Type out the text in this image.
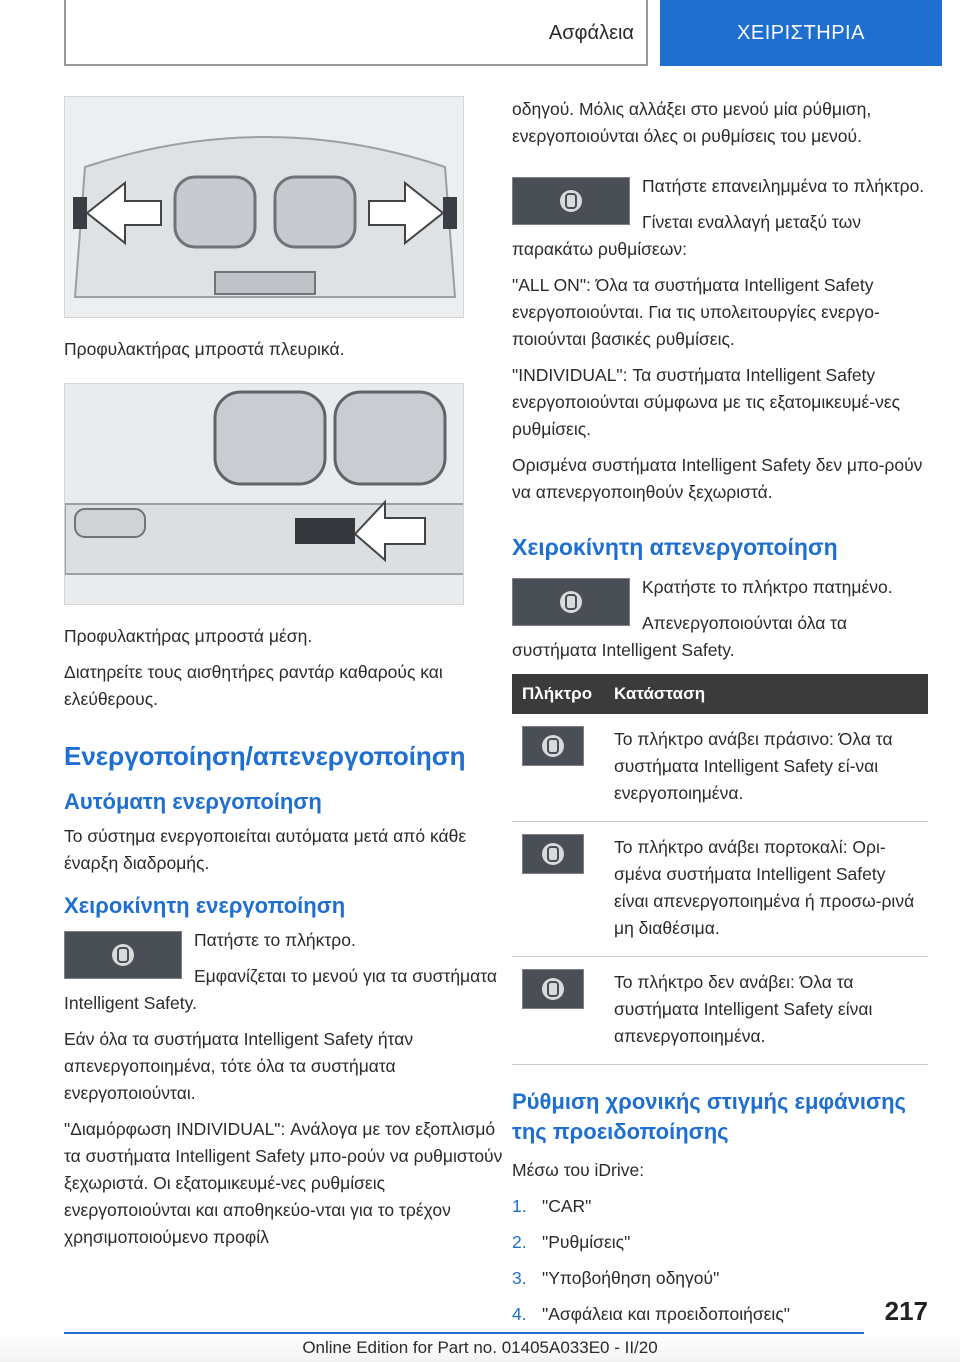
Ασφάλεια	ΧΕΙΡΙΣΤΗΡΙΑ

Προφυλακτήρας μπροστά πλευρικά.

Προφυλακτήρας μπροστά μέση.

Διατηρείτε τους αισθητήρες ραντάρ καθαρούς και ελεύθερους.

Ενεργοποίηση/απενεργοποίηση
Αυτόματη ενεργοποίηση

Το σύστημα ενεργοποιείται αυτόματα μετά από κάθε έναρξη διαδρομής.

Χειροκίνητη ενεργοποίηση

Πατήστε το πλήκτρο.

Εμφανίζεται το μενού για τα συστήματα Intelligent Safety.

Εάν όλα τα συστήματα Intelligent Safety ήταν απενεργοποιημένα, τότε όλα τα συστήματα ενεργοποιούνται.

"Διαμόρφωση INDIVIDUAL": Ανάλογα με τον εξοπλισμό τα συστήματα Intelligent Safety μπο-ρούν να ρυθμιστούν ξεχωριστά. Οι εξατομικευμέ-νες ρυθμίσεις ενεργοποιούνται και αποθηκεύο-νται για το τρέχον χρησιμοποιούμενο προφίλ

οδηγού. Μόλις αλλάξει στο μενού μία ρύθμιση, ενεργοποιούνται όλες οι ρυθμίσεις του μενού.

Πατήστε επανειλημμένα το πλήκτρο.

Γίνεται εναλλαγή μεταξύ των παρακάτω ρυθμίσεων:

"ALL ON": Όλα τα συστήματα Intelligent Safety ενεργοποιούνται. Για τις υπολειτουργίες ενεργο-ποιούνται βασικές ρυθμίσεις.

"INDIVIDUAL": Τα συστήματα Intelligent Safety ενεργοποιούνται σύμφωνα με τις εξατομικευμέ-νες ρυθμίσεις.

Ορισμένα συστήματα Intelligent Safety δεν μπο-ρούν να απενεργοποιηθούν ξεχωριστά.

Χειροκίνητη απενεργοποίηση

Κρατήστε το πλήκτρο πατημένο.

Απενεργοποιούνται όλα τα συστήματα Intelligent Safety.

Πλήκτρο	Κατάσταση

	Το πλήκτρο ανάβει πράσινο: Όλα τα συστήματα Intelligent Safety εί-ναι ενεργοποιημένα.

	Το πλήκτρο ανάβει πορτοκαλί: Ορι-σμένα συστήματα Intelligent Safety είναι απενεργοποιημένα ή προσω-ρινά μη διαθέσιμα.

	Το πλήκτρο δεν ανάβει: Όλα τα συστήματα Intelligent Safety είναι απενεργοποιημένα.
Ρύθμιση χρονικής στιγμής εμφάνισης της προειδοποίησης

Μέσω του iDrive:

1. "CAR"
2. "Ρυθμίσεις"
3. "Υποβοήθηση οδηγού"
4. "Ασφάλεια και προειδοποιήσεις"	217
Online Edition for Part no. 01405A033E0 - II/20
